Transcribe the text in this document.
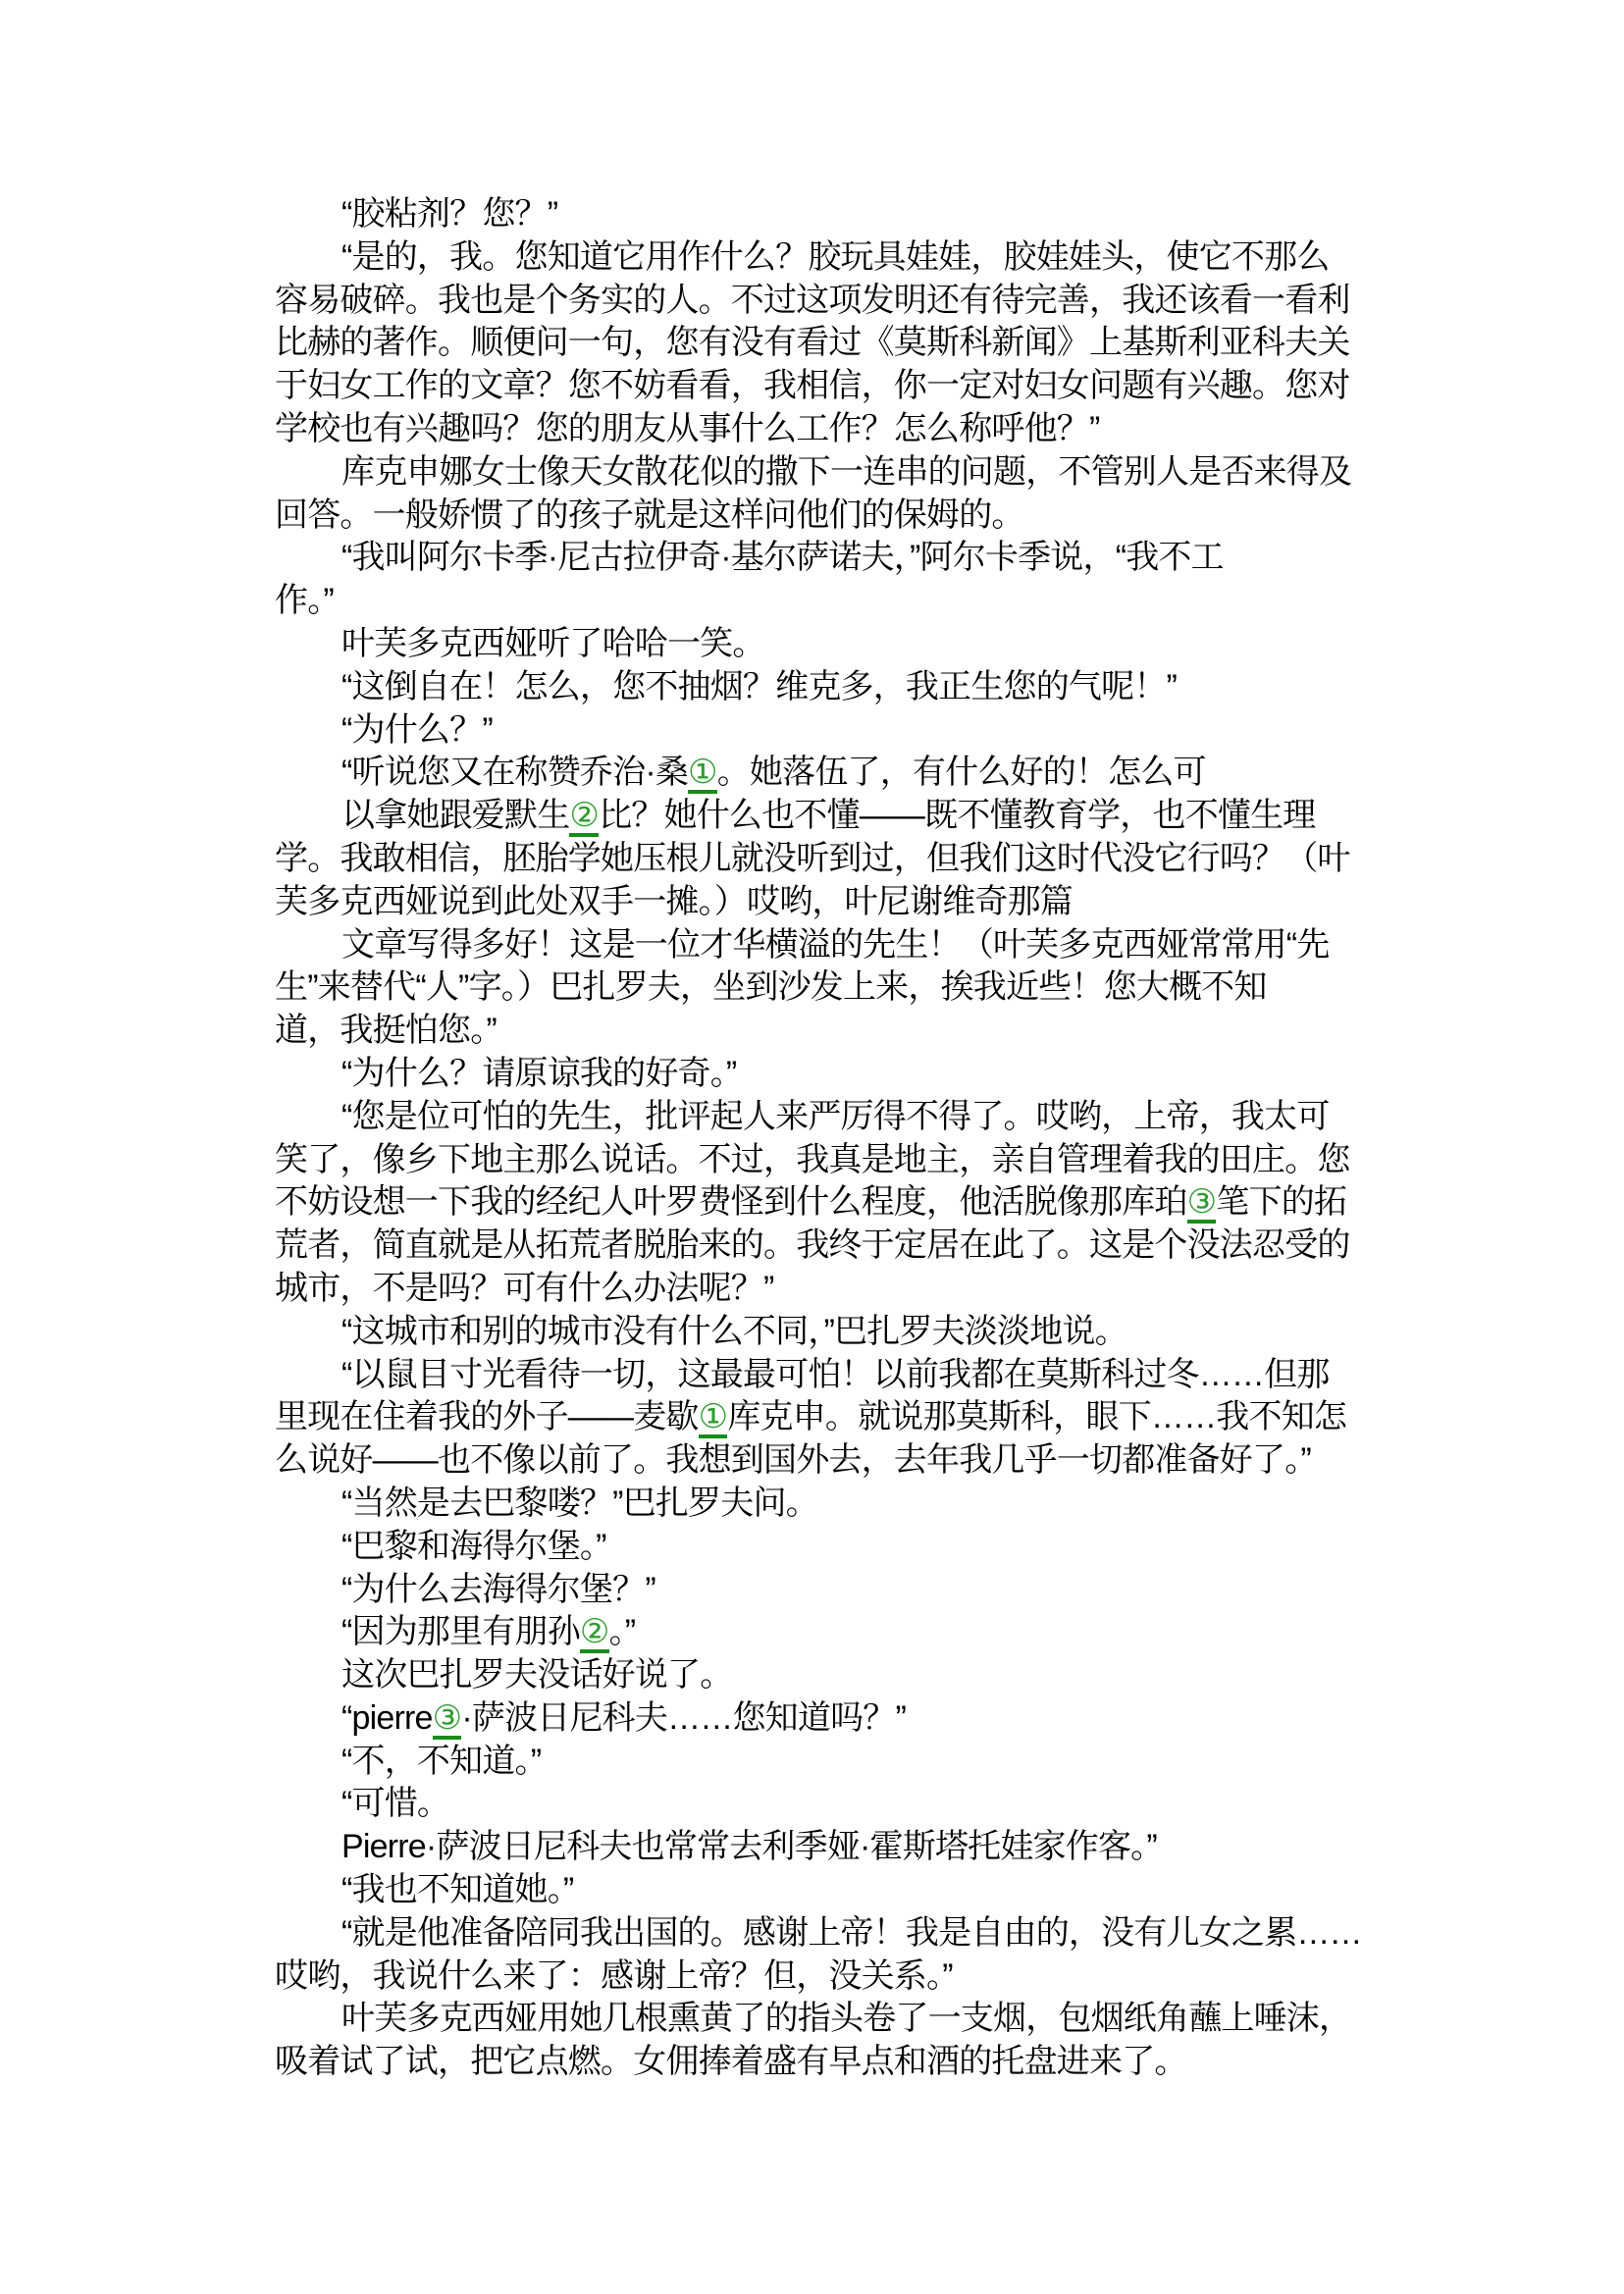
“胶粘剂？您？”
“是的，我。您知道它用作什么？胶玩具娃娃，胶娃娃头，使它不那么
容易破碎。我也是个务实的人。不过这项发明还有待完善，我还该看一看利
比赫的著作。顺便问一句，您有没有看过《莫斯科新闻》上基斯利亚科夫关
于妇女工作的文章？您不妨看看，我相信，你一定对妇女问题有兴趣。您对
学校也有兴趣吗？您的朋友从事什么工作？怎么称呼他？”
库克申娜女士像天女散花似的撒下一连串的问题，不管别人是否来得及
回答。一般娇惯了的孩子就是这样问他们的保姆的。
“我叫阿尔卡季·尼古拉伊奇·基尔萨诺夫，”阿尔卡季说，“我不工
作。”
叶芙多克西娅听了哈哈一笑。
“这倒自在！怎么，您不抽烟？维克多，我正生您的气呢！”
“为什么？”
“听说您又在称赞乔治·桑①。她落伍了，有什么好的！怎么可
以拿她跟爱默生②比？她什么也不懂——既不懂教育学，也不懂生理
学。我敢相信，胚胎学她压根儿就没听到过，但我们这时代没它行吗？（叶
芙多克西娅说到此处双手一摊。）哎哟，叶尼谢维奇那篇
文章写得多好！这是一位才华横溢的先生！（叶芙多克西娅常常用“先
生”来替代“人”字。）巴扎罗夫，坐到沙发上来，挨我近些！您大概不知
道，我挺怕您。”
“为什么？请原谅我的好奇。”
“您是位可怕的先生，批评起人来严厉得不得了。哎哟，上帝，我太可
笑了，像乡下地主那么说话。不过，我真是地主，亲自管理着我的田庄。您
不妨设想一下我的经纪人叶罗费怪到什么程度，他活脱像那库珀③笔下的拓
荒者，简直就是从拓荒者脱胎来的。我终于定居在此了。这是个没法忍受的
城市，不是吗？可有什么办法呢？”
“这城市和别的城市没有什么不同，”巴扎罗夫淡淡地说。
“以鼠目寸光看待一切，这最最可怕！以前我都在莫斯科过冬……但那
里现在住着我的外子——麦歇①库克申。就说那莫斯科，眼下……我不知怎
么说好——也不像以前了。我想到国外去，去年我几乎一切都准备好了。”
“当然是去巴黎喽？”巴扎罗夫问。
“巴黎和海得尔堡。”
“为什么去海得尔堡？”
“因为那里有朋孙②。”
这次巴扎罗夫没话好说了。
“pierre③·萨波日尼科夫……您知道吗？”
“不，不知道。”
“可惜。
Pierre·萨波日尼科夫也常常去利季娅·霍斯塔托娃家作客。”
“我也不知道她。”
“就是他准备陪同我出国的。感谢上帝！我是自由的，没有儿女之累……
哎哟，我说什么来了：感谢上帝？但，没关系。”
叶芙多克西娅用她几根熏黄了的指头卷了一支烟，包烟纸角蘸上唾沫，
吸着试了试，把它点燃。女佣捧着盛有早点和酒的托盘进来了。
